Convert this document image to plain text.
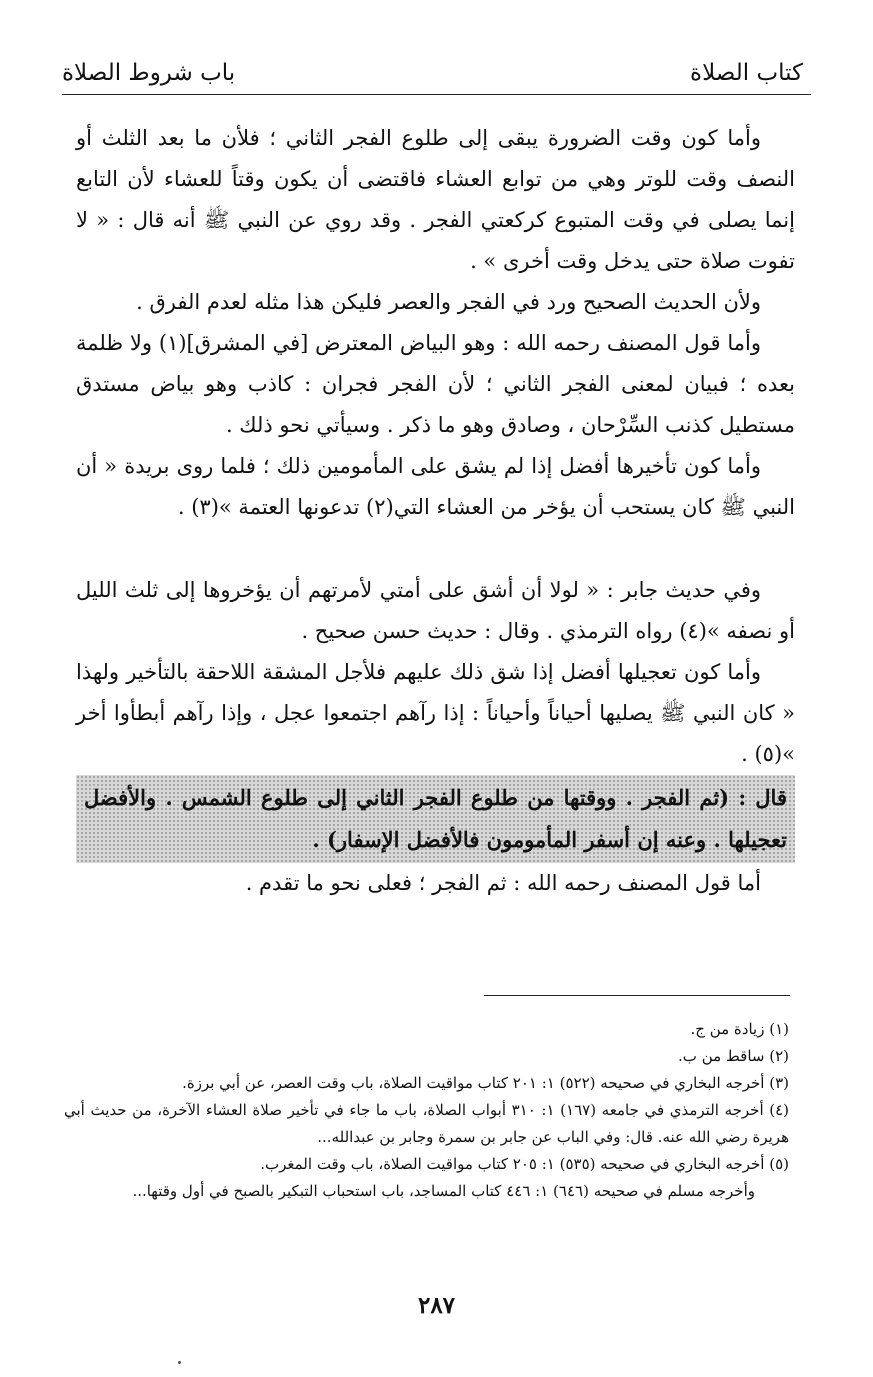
كتاب الصلاة
باب شروط الصلاة

وأما كون وقت الضرورة يبقى إلى طلوع الفجر الثاني ؛ فلأن ما بعد الثلث أو النصف وقت للوتر وهي من توابع العشاء فاقتضى أن يكون وقتاً للعشاء لأن التابع إنما يصلى في وقت المتبوع كركعتي الفجر . وقد روي عن النبي ﷺ أنه قال : « لا تفوت صلاة حتى يدخل وقت أخرى » .

ولأن الحديث الصحيح ورد في الفجر والعصر فليكن هذا مثله لعدم الفرق .

وأما قول المصنف رحمه الله : وهو البياض المعترض [في المشرق](١) ولا ظلمة بعده ؛ فبيان لمعنى الفجر الثاني ؛ لأن الفجر فجران : كاذب وهو بياض مستدق مستطيل كذنب السِّرْحان ، وصادق وهو ما ذكر . وسيأتي نحو ذلك .

وأما كون تأخيرها أفضل إذا لم يشق على المأمومين ذلك ؛ فلما روى بريدة « أن النبي ﷺ كان يستحب أن يؤخر من العشاء التي(٢) تدعونها العتمة »(٣) .

وفي حديث جابر : « لولا أن أشق على أمتي لأمرتهم أن يؤخروها إلى ثلث الليل أو نصفه »(٤) رواه الترمذي . وقال : حديث حسن صحيح .

وأما كون تعجيلها أفضل إذا شق ذلك عليهم فلأجل المشقة اللاحقة بالتأخير ولهذا « كان النبي ﷺ يصليها أحياناً وأحياناً : إذا رآهم اجتمعوا عجل ، وإذا رآهم أبطأوا أخر »(٥) .

قال : (ثم الفجر . ووقتها من طلوع الفجر الثاني إلى طلوع الشمس . والأفضل تعجيلها . وعنه إن أسفر المأمومون فالأفضل الإسفار) .

أما قول المصنف رحمه الله : ثم الفجر ؛ فعلى نحو ما تقدم .

(١) زيادة من ج.

(٢) ساقط من ب.

(٣) أخرجه البخاري في صحيحه (٥٢٢) ١: ٢٠١ كتاب مواقيت الصلاة، باب وقت العصر، عن أبي برزة.

(٤) أخرجه الترمذي في جامعه (١٦٧) ١: ٣١٠ أبواب الصلاة، باب ما جاء في تأخير صلاة العشاء الآخرة، من حديث أبي هريرة رضي الله عنه. قال: وفي الباب عن جابر بن سمرة وجابر بن عبدالله...

(٥) أخرجه البخاري في صحيحه (٥٣٥) ١: ٢٠٥ كتاب مواقيت الصلاة، باب وقت المغرب.

وأخرجه مسلم في صحيحه (٦٤٦) ١: ٤٤٦ كتاب المساجد، باب استحباب التبكير بالصبح في أول وقتها...

٢٨٧
